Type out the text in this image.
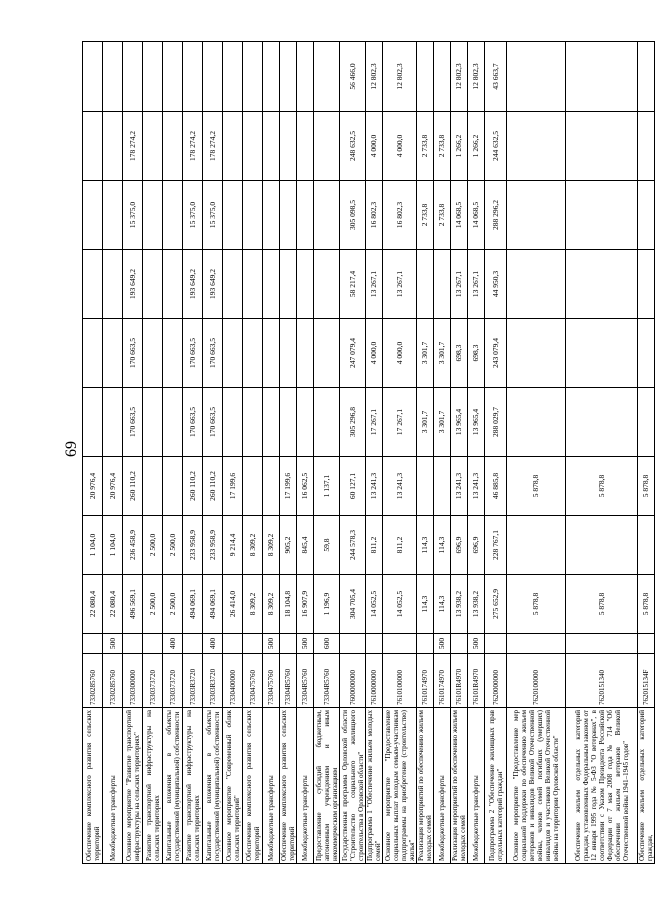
69
Обеспечение комплексного развития сельских территорий	7330285760		22 080,4	1 104,0	20 976,4						
Межбюджетные трансферты	7330285760	500	22 080,4	1 104,0	20 976,4						
Основное мероприятие "Развитие транспортной инфраструктуры на сельских территориях"	7330300000		496 569,1	236 458,9	260 110,2	170 663,5	170 663,5	193 649,2	15 375,0	178 274,2	
Развитие транспортной инфраструктуры на сельских территориях	7330373720		2 500,0	2 500,0							
Капитальные вложения в объекты государственной (муниципальной) собственности	7330373720	400	2 500,0	2 500,0							
Развитие транспортной инфраструктуры на сельских территориях	73303R3720		494 069,1	233 958,9	260 110,2	170 663,5	170 663,5	193 649,2	15 375,0	178 274,2	
Капитальные вложения в объекты государственной (муниципальной) собственности	73303R3720	400	494 069,1	233 958,9	260 110,2	170 663,5	170 663,5	193 649,2	15 375,0	178 274,2	
Основное мероприятие "Современный облик сельских территорий"	7330400000		26 414,0	9 214,4	17 199,6						
Обеспечение комплексного развития сельских территорий	7330475760		8 309,2	8 309,2							
Межбюджетные трансферты	7330475760	500	8 309,2	8 309,2							
Обеспечение комплексного развития сельских территорий	73304R5760		18 104,8	905,2	17 199,6						
Межбюджетные трансферты	73304R5760	500	16 907,9	845,4	16 062,5						
Предоставление субсидий бюджетным, автономным учреждениям и иным некоммерческим организациям	73304R5760	600	1 196,9	59,8	1 137,1						
Государственная программа Орловской области "Строительство социального жилищного строительства в Орловской области"	7600000000		304 705,4	244 578,3	60 127,1	305 296,8	247 079,4	58 217,4	305 098,5	248 632,5	56 466,0
Подпрограмма 1 "Обеспечение жильем молодых семей"	7610000000		14 052,5	811,2	13 241,3	17 267,1	4 000,0	13 267,1	16 802,3	4 000,0	12 802,3
Основное мероприятие "Предоставление социальных выплат молодым семьям-участникам подпрограммы на приобретение (строительство) жилья"	7610100000		14 052,5	811,2	13 241,3	17 267,1	4 000,0	13 267,1	16 802,3	4 000,0	12 802,3
Реализация мероприятий по обеспечению жильем молодых семей	7610174970		114,3	114,3		3 301,7	3 301,7		2 733,8	2 733,8	
Межбюджетные трансферты	7610174970	500	114,3	114,3		3 301,7	3 301,7		2 733,8	2 733,8	
Реализация мероприятий по обеспечению жильем молодых семей	76101R4970		13 938,2	696,9	13 241,3	13 965,4	698,3	13 267,1	14 068,5	1 266,2	12 802,3
Межбюджетные трансферты	76101R4970	500	13 938,2	696,9	13 241,3	13 965,4	698,3	13 267,1	14 068,5	1 266,2	12 802,3
Подпрограмма 2 "Обеспечение жилищных прав отдельных категорий граждан"	7620000000		275 652,9	228 767,1	46 885,8	288 029,7	243 079,4	44 950,3	288 296,2	244 632,5	43 663,7
Основное мероприятие "Предоставление мер социальной поддержки по обеспечению жильем ветеранов и инвалидов Великой Отечественной войны, членов семей погибших (умерших) инвалидов и участников Великой Отечественной войны на территории Орловской области"	7620100000		5 878,8		5 878,8						
Обеспечение жильем отдельных категорий граждан, установленных Федеральным законом от 12 января 1995 года № 5-ФЗ "О ветеранах", в соответствии с Указом Президента Российской Федерации от 7 мая 2008 года № 714 "Об обеспечении жильем ветеранов Великой Отечественной войны 1941–1945 годов"	7620151340		5 878,8		5 878,8						
Обеспечение жильем отдельных категорий граждан,	762015134F		5 878,8		5 878,8						
